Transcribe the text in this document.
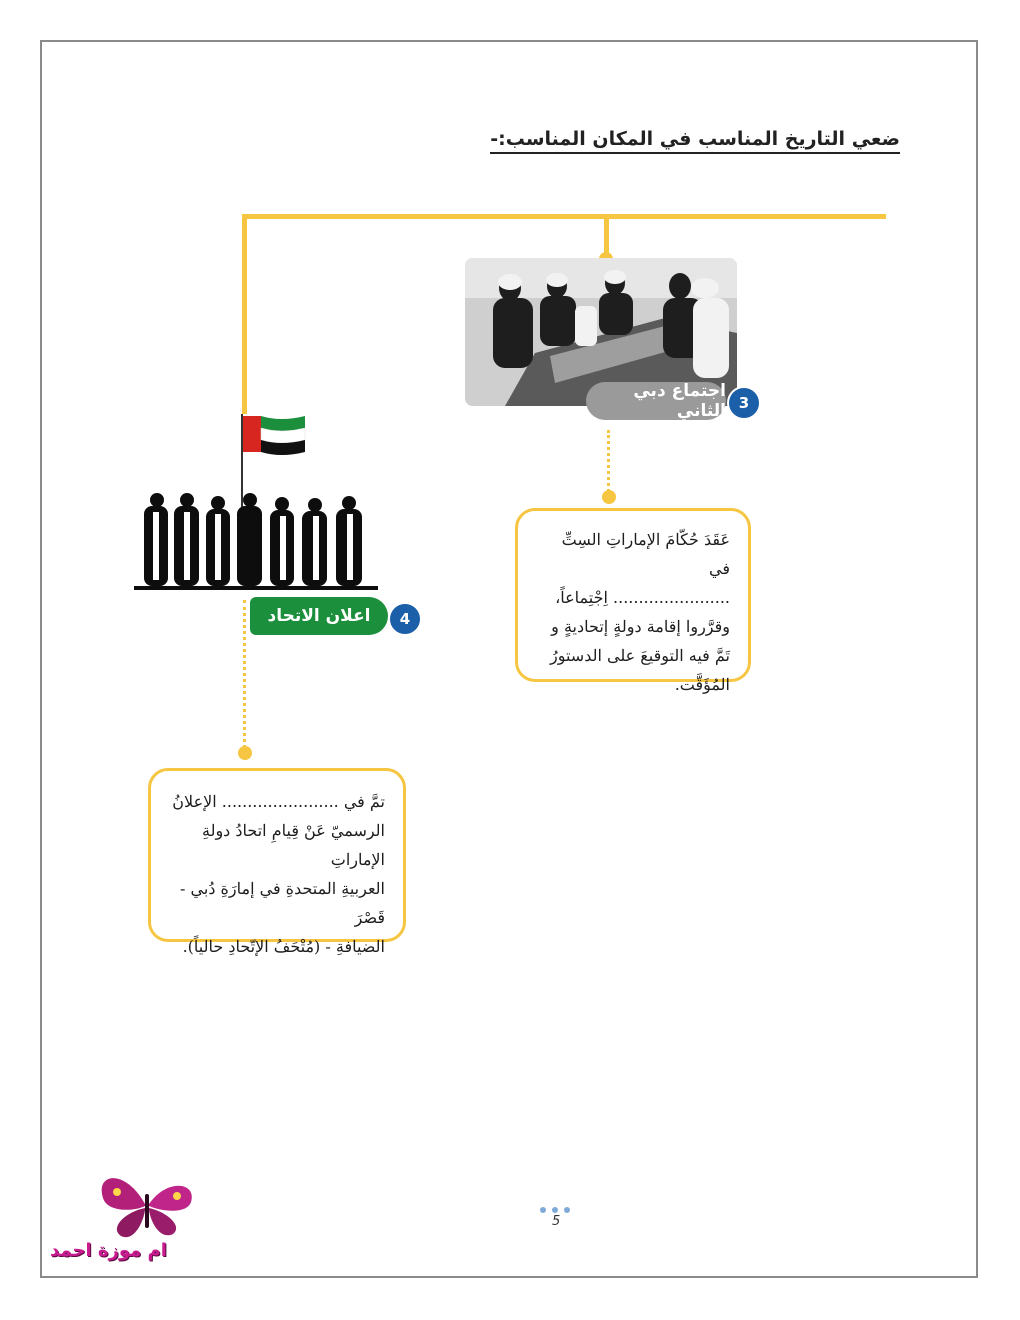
ضعي التاريخ المناسب في المكان المناسب:-
اجتماع دبي الثاني 3

عَقَدَ حُكّامَ الإماراتِ السِتِّ في

....................... اِجْتِماعاً،

وقرَّروا إقامة دولةٍ إتحاديةٍ و

تَمَّ فيه التوقيعَ على الدستورُ

المُؤَقَّت.

اعلان الاتحاد 4

تمَّ في ....................... الإعلانُ

الرسميّ عَنْ قِيامِ اتحادُ دولةِ الإماراتِ

العربيةِ المتحدةِ في إمارَةِ دُبي - قَصْرَ

الضيافةِ - (مُتْحَفُ الإتّحادِ حالياً).

5
ام موزة احمد
